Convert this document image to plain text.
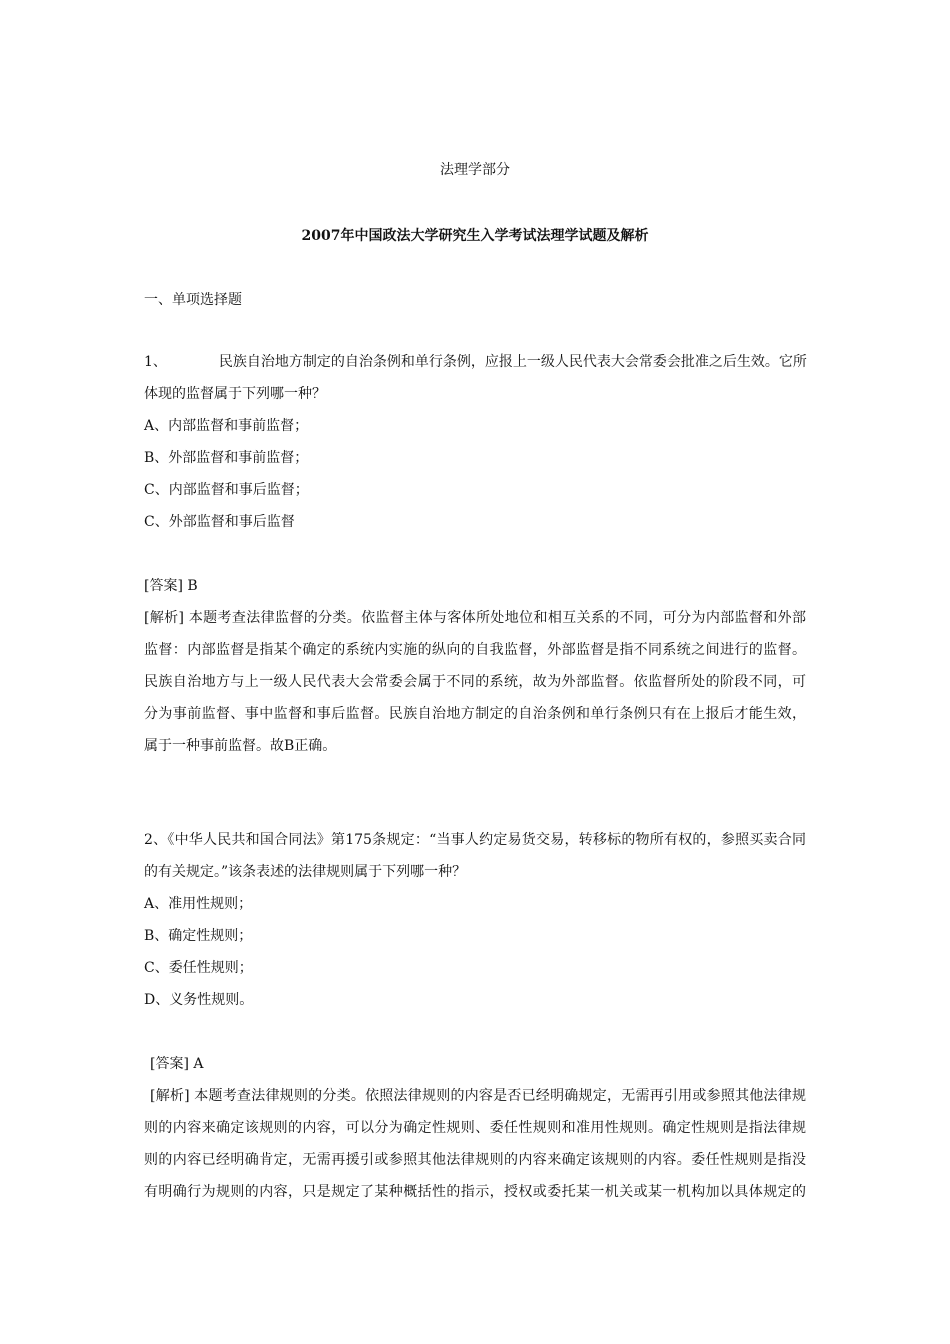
法理学部分
2007年中国政法大学研究生入学考试法理学试题及解析
一、单项选择题
1、	民族自治地方制定的自治条例和单行条例，应报上一级人民代表大会常委会批准之后生效。它所
体现的监督属于下列哪一种？
A、内部监督和事前监督；
B、外部监督和事前监督；
C、内部监督和事后监督；
C、外部监督和事后监督
[答案] B
[解析] 本题考查法律监督的分类。依监督主体与客体所处地位和相互关系的不同，可分为内部监督和外部
监督：内部监督是指某个确定的系统内实施的纵向的自我监督，外部监督是指不同系统之间进行的监督。
民族自治地方与上一级人民代表大会常委会属于不同的系统，故为外部监督。依监督所处的阶段不同，可
分为事前监督、事中监督和事后监督。民族自治地方制定的自治条例和单行条例只有在上报后才能生效，
属于一种事前监督。故B正确。
2、《中华人民共和国合同法》第175条规定：“当事人约定易货交易，转移标的物所有权的，参照买卖合同
的有关规定。”该条表述的法律规则属于下列哪一种？
A、准用性规则；
B、确定性规则；
C、委任性规则；
D、义务性规则。
[答案] A
[解析] 本题考查法律规则的分类。依照法律规则的内容是否已经明确规定，无需再引用或参照其他法律规
则的内容来确定该规则的内容，可以分为确定性规则、委任性规则和准用性规则。确定性规则是指法律规
则的内容已经明确肯定，无需再援引或参照其他法律规则的内容来确定该规则的内容。委任性规则是指没
有明确行为规则的内容，只是规定了某种概括性的指示，授权或委托某一机关或某一机构加以具体规定的
